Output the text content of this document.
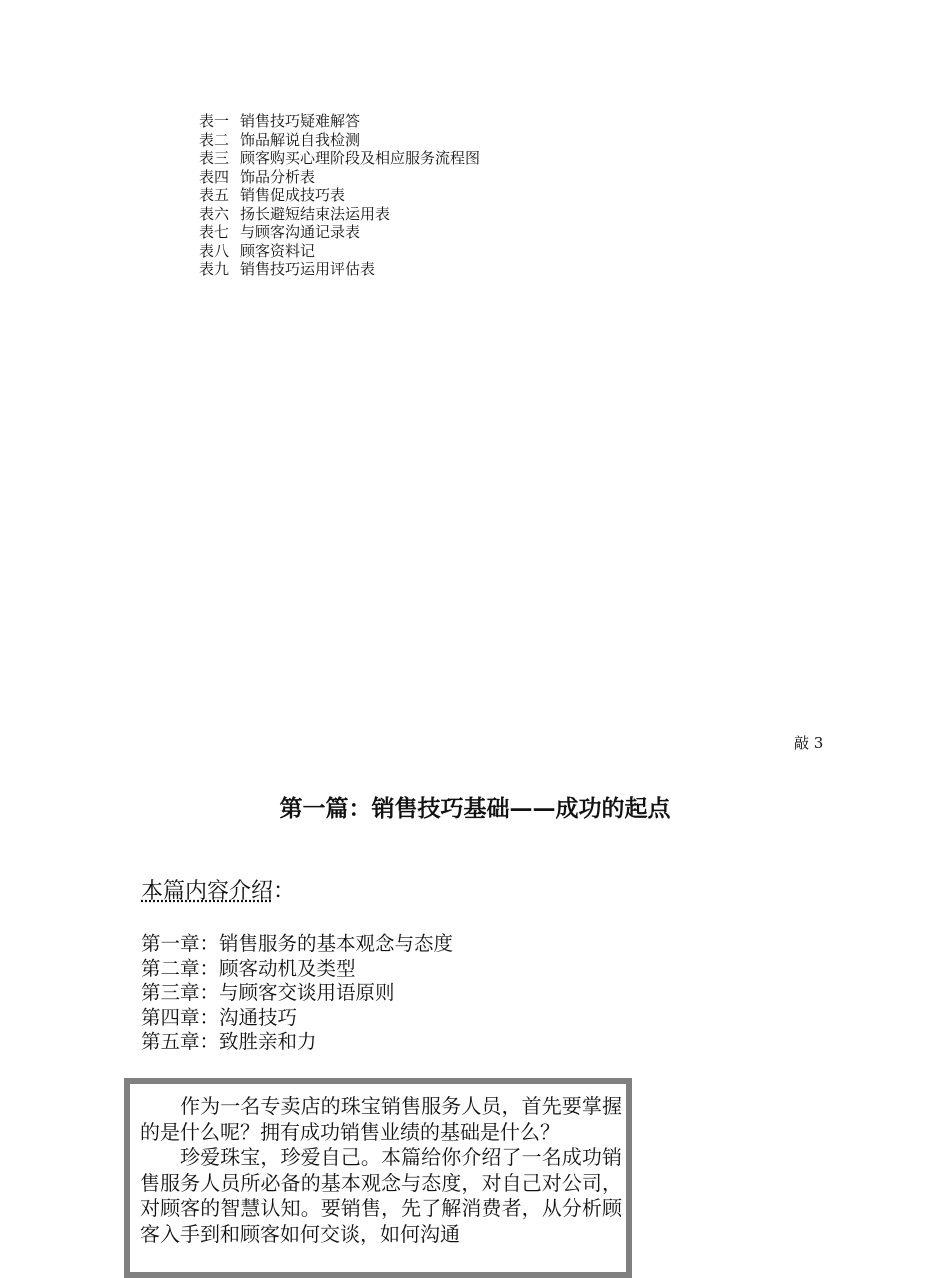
表一 销售技巧疑难解答
表二 饰品解说自我检测
表三 顾客购买心理阶段及相应服务流程图
表四 饰品分析表
表五 销售促成技巧表
表六 扬长避短结束法运用表
表七 与顾客沟通记录表
表八 顾客资料记
表九 销售技巧运用评估表
敲 3
第一篇：销售技巧基础——成功的起点
本篇内容介绍：
第一章：销售服务的基本观念与态度
第二章：顾客动机及类型
第三章：与顾客交谈用语原则
第四章：沟通技巧
第五章：致胜亲和力

作为一名专卖店的珠宝销售服务人员，首先要掌握的是什么呢？拥有成功销售业绩的基础是什么？

珍爱珠宝，珍爱自己。本篇给你介绍了一名成功销售服务人员所必备的基本观念与态度，对自己对公司，对顾客的智慧认知。要销售，先了解消费者，从分析顾客入手到和顾客如何交谈，如何沟通
